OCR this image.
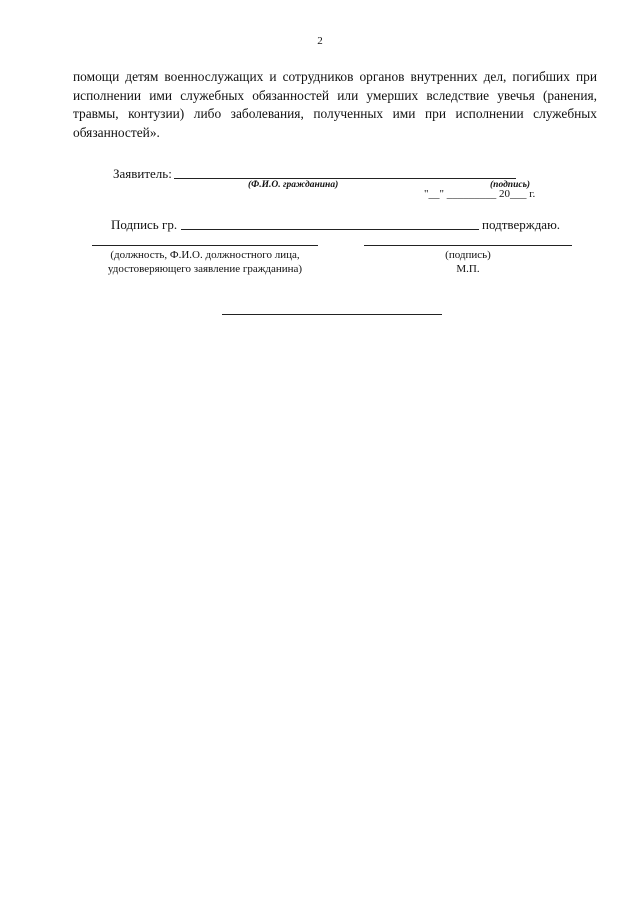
2
помощи детям военнослужащих и сотрудников органов внутренних дел, погибших при исполнении ими служебных обязанностей или умерших вследствие увечья (ранения, травмы, контузии) либо заболевания, полученных ими при исполнении служебных обязанностей».
Заявитель:
(Ф.И.О. гражданина)	(подпись)
"__" _________ 20___ г.
Подпись гр.	подтверждаю.
(должность, Ф.И.О. должностного лица,
удостоверяющего заявление гражданина)
(подпись)
М.П.
